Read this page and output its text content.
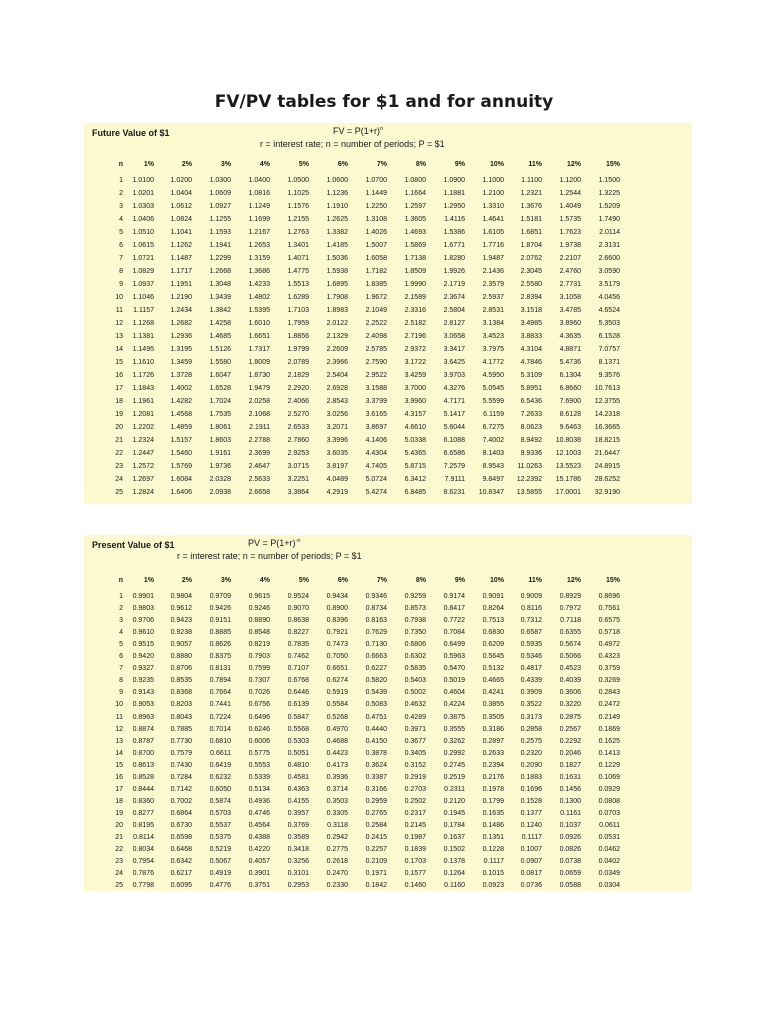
FV/PV tables for $1 and for annuity
Future Value of $1	FV = $P(1+r)^n$
r = interest rate; n = number of periods; P = $1
n	1%	2%	3%	4%	5%	6%	7%	8%	9%	10%	11%	12%	15%
1	1.0100	1.0200	1.0300	1.0400	1.0500	1.0600	1.0700	1.0800	1.0900	1.1000	1.1100	1.1200	1.1500
2	1.0201	1.0404	1.0609	1.0816	1.1025	1.1236	1.1449	1.1664	1.1881	1.2100	1.2321	1.2544	1.3225
3	1.0303	1.0612	1.0927	1.1249	1.1576	1.1910	1.2250	1.2597	1.2950	1.3310	1.3676	1.4049	1.5209
4	1.0406	1.0824	1.1255	1.1699	1.2155	1.2625	1.3108	1.3605	1.4116	1.4641	1.5181	1.5735	1.7490
5	1.0510	1.1041	1.1593	1.2167	1.2763	1.3382	1.4026	1.4693	1.5386	1.6105	1.6851	1.7623	2.0114
6	1.0615	1.1262	1.1941	1.2653	1.3401	1.4185	1.5007	1.5869	1.6771	1.7716	1.8704	1.9738	2.3131
7	1.0721	1.1487	1.2299	1.3159	1.4071	1.5036	1.6058	1.7138	1.8280	1.9487	2.0762	2.2107	2.6600
8	1.0829	1.1717	1.2668	1.3686	1.4775	1.5938	1.7182	1.8509	1.9926	2.1436	2.3045	2.4760	3.0590
9	1.0937	1.1951	1.3048	1.4233	1.5513	1.6895	1.8385	1.9990	2.1719	2.3579	2.5580	2.7731	3.5179
10	1.1046	1.2190	1.3439	1.4802	1.6289	1.7908	1.9672	2.1589	2.3674	2.5937	2.8394	3.1058	4.0456
11	1.1157	1.2434	1.3842	1.5395	1.7103	1.8983	2.1049	2.3316	2.5804	2.8531	3.1518	3.4785	4.6524
12	1.1268	1.2682	1.4258	1.6010	1.7959	2.0122	2.2522	2.5182	2.8127	3.1384	3.4985	3.8960	5.3503
13	1.1381	1.2936	1.4685	1.6651	1.8856	2.1329	2.4098	2.7196	3.0658	3.4523	3.8833	4.3635	6.1528
14	1.1495	1.3195	1.5126	1.7317	1.9799	2.2609	2.5785	2.9372	3.3417	3.7975	4.3104	4.8871	7.0757
15	1.1610	1.3459	1.5580	1.8009	2.0789	2.3966	2.7590	3.1722	3.6425	4.1772	4.7846	5.4736	8.1371
16	1.1726	1.3728	1.6047	1.8730	2.1829	2.5404	2.9522	3.4259	3.9703	4.5950	5.3109	6.1304	9.3576
17	1.1843	1.4002	1.6528	1.9479	2.2920	2.6928	3.1588	3.7000	4.3276	5.0545	5.8951	6.8660	10.7613
18	1.1961	1.4282	1.7024	2.0258	2.4066	2.8543	3.3799	3.9960	4.7171	5.5599	6.5436	7.6900	12.3755
19	1.2081	1.4568	1.7535	2.1068	2.5270	3.0256	3.6165	4.3157	5.1417	6.1159	7.2633	8.6128	14.2318
20	1.2202	1.4859	1.8061	2.1911	2.6533	3.2071	3.8697	4.6610	5.6044	6.7275	8.0623	9.6463	16.3665
21	1.2324	1.5157	1.8603	2.2788	2.7860	3.3996	4.1406	5.0338	6.1088	7.4002	8.9492	10.8038	18.8215
22	1.2447	1.5460	1.9161	2.3699	2.9253	3.6035	4.4304	5.4365	6.6586	8.1403	9.9336	12.1003	21.6447
23	1.2572	1.5769	1.9736	2.4647	3.0715	3.8197	4.7405	5.8715	7.2579	8.9543	11.0263	13.5523	24.8915
24	1.2697	1.6084	2.0328	2.5633	3.2251	4.0489	5.0724	6.3412	7.9111	9.8497	12.2392	15.1786	28.6252
25	1.2824	1.6406	2.0938	2.6658	3.3864	4.2919	5.4274	6.8485	8.6231	10.8347	13.5855	17.0001	32.9190
Present Value of $1	PV = $P(1+r)^{-n}$
r = interest rate; n = number of periods; P = $1
n	1%	2%	3%	4%	5%	6%	7%	8%	9%	10%	11%	12%	15%
1	0.9901	0.9804	0.9709	0.9615	0.9524	0.9434	0.9346	0.9259	0.9174	0.9091	0.9009	0.8929	0.8696
2	0.9803	0.9612	0.9426	0.9246	0.9070	0.8900	0.8734	0.8573	0.8417	0.8264	0.8116	0.7972	0.7561
3	0.9706	0.9423	0.9151	0.8890	0.8638	0.8396	0.8163	0.7938	0.7722	0.7513	0.7312	0.7118	0.6575
4	0.9610	0.9238	0.8885	0.8548	0.8227	0.7921	0.7629	0.7350	0.7084	0.6830	0.6587	0.6355	0.5718
5	0.9515	0.9057	0.8626	0.8219	0.7835	0.7473	0.7130	0.6806	0.6499	0.6209	0.5935	0.5674	0.4972
6	0.9420	0.8880	0.8375	0.7903	0.7462	0.7050	0.6663	0.6302	0.5963	0.5645	0.5346	0.5066	0.4323
7	0.9327	0.8706	0.8131	0.7599	0.7107	0.6651	0.6227	0.5835	0.5470	0.5132	0.4817	0.4523	0.3759
8	0.9235	0.8535	0.7894	0.7307	0.6768	0.6274	0.5820	0.5403	0.5019	0.4665	0.4339	0.4039	0.3269
9	0.9143	0.8368	0.7664	0.7026	0.6446	0.5919	0.5439	0.5002	0.4604	0.4241	0.3909	0.3606	0.2843
10	0.9053	0.8203	0.7441	0.6756	0.6139	0.5584	0.5083	0.4632	0.4224	0.3855	0.3522	0.3220	0.2472
11	0.8963	0.8043	0.7224	0.6496	0.5847	0.5268	0.4751	0.4289	0.3875	0.3505	0.3173	0.2875	0.2149
12	0.8874	0.7885	0.7014	0.6246	0.5568	0.4970	0.4440	0.3971	0.3555	0.3186	0.2858	0.2567	0.1869
13	0.8787	0.7730	0.6810	0.6006	0.5303	0.4688	0.4150	0.3677	0.3262	0.2897	0.2575	0.2292	0.1625
14	0.8700	0.7579	0.6611	0.5775	0.5051	0.4423	0.3878	0.3405	0.2992	0.2633	0.2320	0.2046	0.1413
15	0.8613	0.7430	0.6419	0.5553	0.4810	0.4173	0.3624	0.3152	0.2745	0.2394	0.2090	0.1827	0.1229
16	0.8528	0.7284	0.6232	0.5339	0.4581	0.3936	0.3387	0.2919	0.2519	0.2176	0.1883	0.1631	0.1069
17	0.8444	0.7142	0.6050	0.5134	0.4363	0.3714	0.3166	0.2703	0.2311	0.1978	0.1696	0.1456	0.0929
18	0.8360	0.7002	0.5874	0.4936	0.4155	0.3503	0.2959	0.2502	0.2120	0.1799	0.1528	0.1300	0.0808
19	0.8277	0.6864	0.5703	0.4746	0.3957	0.3305	0.2765	0.2317	0.1945	0.1635	0.1377	0.1161	0.0703
20	0.8195	0.6730	0.5537	0.4564	0.3769	0.3118	0.2584	0.2145	0.1784	0.1486	0.1240	0.1037	0.0611
21	0.8114	0.6598	0.5375	0.4388	0.3589	0.2942	0.2415	0.1987	0.1637	0.1351	0.1117	0.0926	0.0531
22	0.8034	0.6468	0.5219	0.4220	0.3418	0.2775	0.2257	0.1839	0.1502	0.1228	0.1007	0.0826	0.0462
23	0.7954	0.6342	0.5067	0.4057	0.3256	0.2618	0.2109	0.1703	0.1378	0.1117	0.0907	0.0738	0.0402
24	0.7876	0.6217	0.4919	0.3901	0.3101	0.2470	0.1971	0.1577	0.1264	0.1015	0.0817	0.0659	0.0349
25	0.7798	0.6095	0.4776	0.3751	0.2953	0.2330	0.1842	0.1460	0.1160	0.0923	0.0736	0.0588	0.0304
